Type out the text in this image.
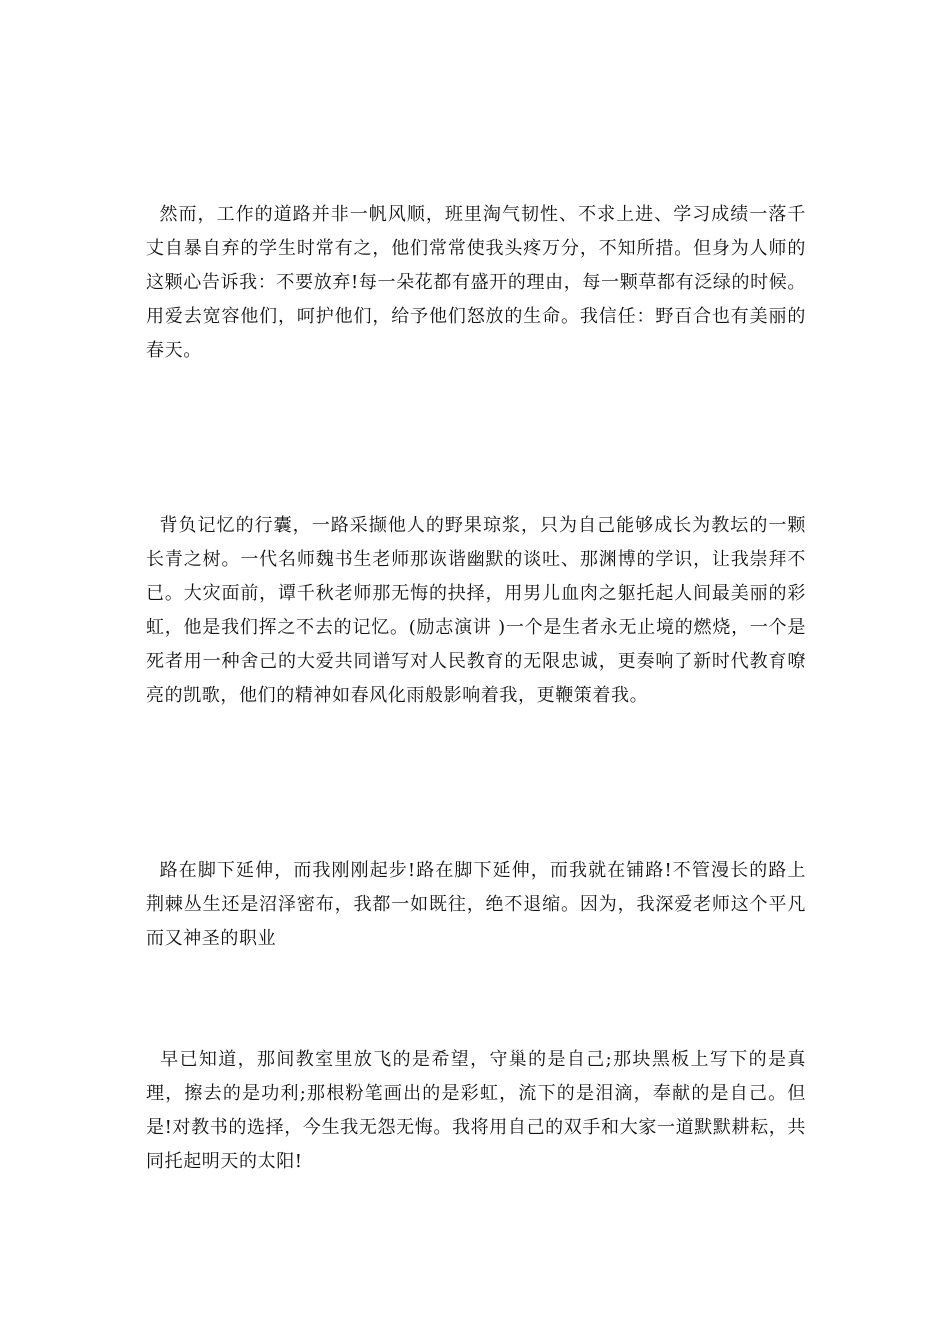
然而，工作的道路并非一帆风顺，班里淘气韧性、不求上进、学习成绩一落千丈自暴自弃的学生时常有之，他们常常使我头疼万分，不知所措。但身为人师的这颗心告诉我：不要放弃!每一朵花都有盛开的理由，每一颗草都有泛绿的时候。用爱去宽容他们，呵护他们，给予他们怒放的生命。我信任：野百合也有美丽的春天。

背负记忆的行囊，一路采撷他人的野果琼浆，只为自己能够成长为教坛的一颗长青之树。一代名师魏书生老师那诙谐幽默的谈吐、那渊博的学识，让我崇拜不已。大灾面前，谭千秋老师那无悔的抉择，用男儿血肉之躯托起人间最美丽的彩虹，他是我们挥之不去的记忆。(励志演讲 )一个是生者永无止境的燃烧，一个是死者用一种舍己的大爱共同谱写对人民教育的无限忠诚，更奏响了新时代教育嘹亮的凯歌，他们的精神如春风化雨般影响着我，更鞭策着我。

路在脚下延伸，而我刚刚起步!路在脚下延伸，而我就在铺路!不管漫长的路上荆棘丛生还是沼泽密布，我都一如既往，绝不退缩。因为，我深爱老师这个平凡而又神圣的职业

早已知道，那间教室里放飞的是希望，守巢的是自己;那块黑板上写下的是真理，擦去的是功利;那根粉笔画出的是彩虹，流下的是泪滴，奉献的是自己。但是!对教书的选择，今生我无怨无悔。我将用自己的双手和大家一道默默耕耘，共同托起明天的太阳!
